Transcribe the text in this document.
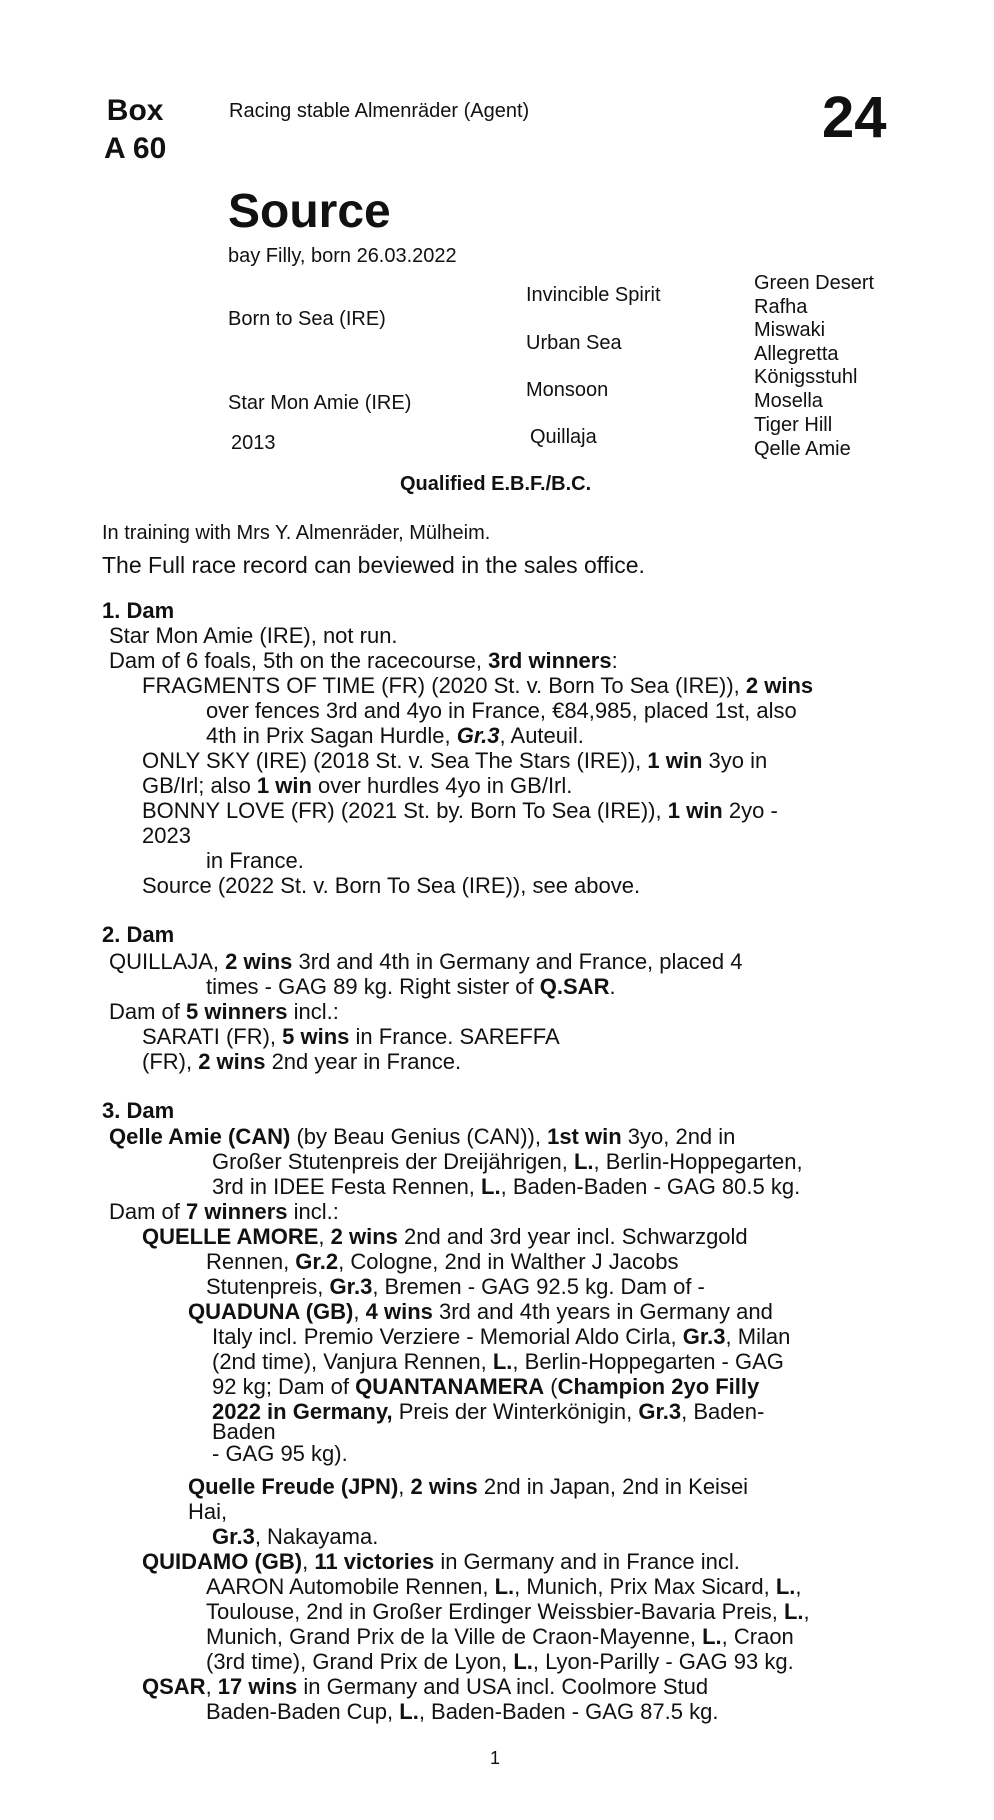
Box
A 60
Racing stable Almenräder (Agent)	24
Source
bay Filly, born 26.03.2022
Born to Sea (IRE)
Star Mon Amie (IRE)
2013
Invincible Spirit
Urban Sea
Monsoon
Quillaja
Green Desert
Rafha
Miswaki
Allegretta
Königsstuhl
Mosella
Tiger Hill
Qelle Amie
Qualified E.B.F./B.C.
In training with Mrs Y. Almenräder, Mülheim.
The Full race record can beviewed in the sales office.
1. Dam
Star Mon Amie (IRE), not run.
Dam of 6 foals, 5th on the racecourse, 3rd winners:
FRAGMENTS OF TIME (FR) (2020 St. v. Born To Sea (IRE)), 2 wins
over fences 3rd and 4yo in France, €84,985, placed 1st, also
4th in Prix Sagan Hurdle, Gr.3, Auteuil.
ONLY SKY (IRE) (2018 St. v. Sea The Stars (IRE)), 1 win 3yo in
GB/Irl; also 1 win over hurdles 4yo in GB/Irl.
BONNY LOVE (FR) (2021 St. by. Born To Sea (IRE)), 1 win 2yo -
2023
in France.
Source (2022 St. v. Born To Sea (IRE)), see above.
2. Dam
QUILLAJA, 2 wins 3rd and 4th in Germany and France, placed 4
times - GAG 89 kg. Right sister of Q.SAR.
Dam of 5 winners incl.:
SARATI (FR), 5 wins in France. SAREFFA
(FR), 2 wins 2nd year in France.
3. Dam
Qelle Amie (CAN) (by Beau Genius (CAN)), 1st win 3yo, 2nd in
Großer Stutenpreis der Dreijährigen, L., Berlin-Hoppegarten,
3rd in IDEE Festa Rennen, L., Baden-Baden - GAG 80.5 kg.
Dam of 7 winners incl.:
QUELLE AMORE, 2 wins 2nd and 3rd year incl. Schwarzgold
Rennen, Gr.2, Cologne, 2nd in Walther J Jacobs
Stutenpreis, Gr.3, Bremen - GAG 92.5 kg. Dam of -
QUADUNA (GB), 4 wins 3rd and 4th years in Germany and
Italy incl. Premio Verziere - Memorial Aldo Cirla, Gr.3, Milan
(2nd time), Vanjura Rennen, L., Berlin-Hoppegarten - GAG
92 kg; Dam of QUANTANAMERA (Champion 2yo Filly
2022 in Germany, Preis der Winterkönigin, Gr.3, Baden-
Baden
- GAG 95 kg).
Quelle Freude (JPN), 2 wins 2nd in Japan, 2nd in Keisei
Hai,
Gr.3, Nakayama.
QUIDAMO (GB), 11 victories in Germany and in France incl.
AARON Automobile Rennen, L., Munich, Prix Max Sicard, L.,
Toulouse, 2nd in Großer Erdinger Weissbier-Bavaria Preis, L.,
Munich, Grand Prix de la Ville de Craon-Mayenne, L., Craon
(3rd time), Grand Prix de Lyon, L., Lyon-Parilly - GAG 93 kg.
QSAR, 17 wins in Germany and USA incl. Coolmore Stud
Baden-Baden Cup, L., Baden-Baden - GAG 87.5 kg.
1
